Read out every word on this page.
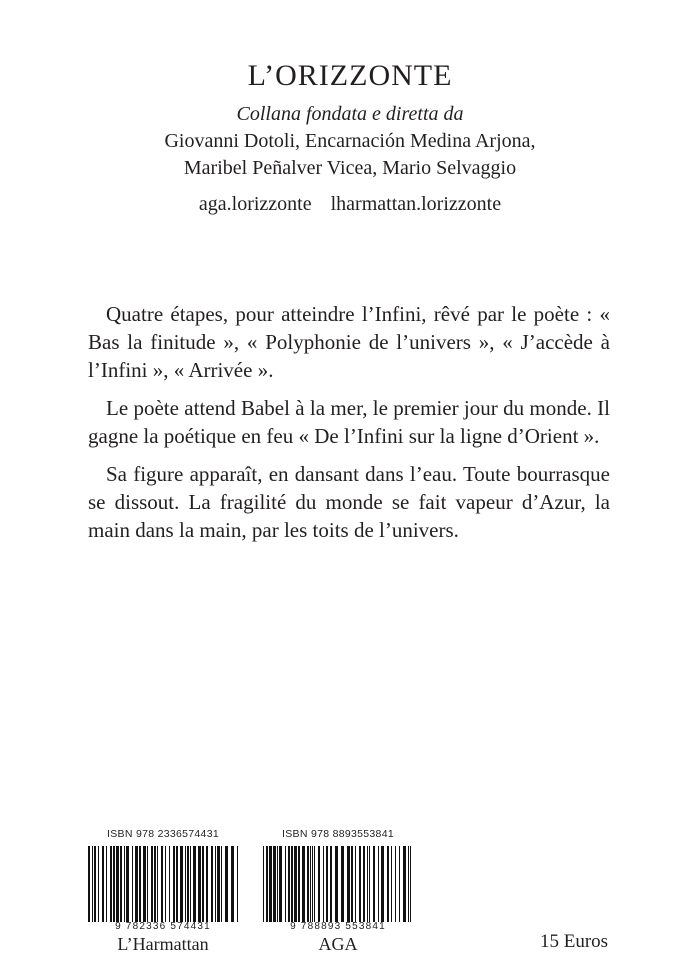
L’ORIZZONTE
Collana fondata e diretta da
Giovanni Dotoli, Encarnación Medina Arjona,
Maribel Peñalver Vicea, Mario Selvaggio
aga.lorizzonte lharmattan.lorizzonte

Quatre étapes, pour atteindre l’Infini, rêvé par le poète : « Bas la finitude », « Polyphonie de l’univers », « J’accède à l’Infini », « Arrivée ».

Le poète attend Babel à la mer, le premier jour du monde. Il gagne la poétique en feu « De l’Infini sur la ligne d’Orient ».

Sa figure apparaît, en dansant dans l’eau. Toute bourrasque se dissout. La fragilité du monde se fait vapeur d’Azur, la main dans la main, par les toits de l’univers.

ISBN 978 2336574431
9 782336 574431
L’Harmattan
ISBN 978 8893553841
9 788893 553841
AGA	15 Euros
